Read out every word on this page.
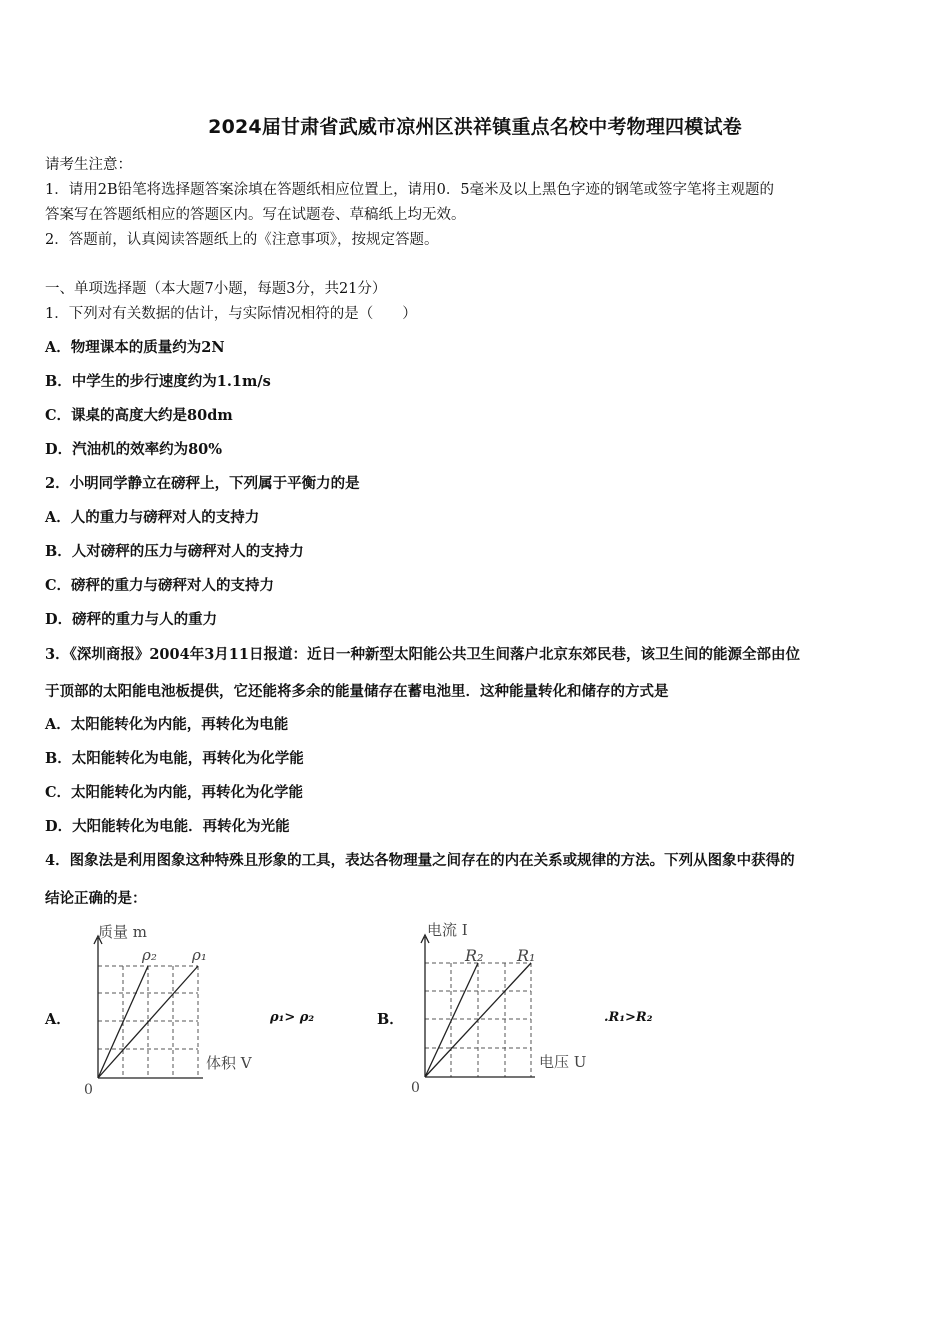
2024届甘肃省武威市凉州区洪祥镇重点名校中考物理四模试卷
请考生注意：
1．请用2B铅笔将选择题答案涂填在答题纸相应位置上，请用0．5毫米及以上黑色字迹的钢笔或签字笔将主观题的
答案写在答题纸相应的答题区内。写在试题卷、草稿纸上均无效。
2．答题前，认真阅读答题纸上的《注意事项》，按规定答题。
一、单项选择题（本大题7小题，每题3分，共21分）
1．下列对有关数据的估计，与实际情况相符的是（　　）
A．物理课本的质量约为2N
B．中学生的步行速度约为1.1m/s
C．课桌的高度大约是80dm
D．汽油机的效率约为80%
2．小明同学静立在磅秤上，下列属于平衡力的是
A．人的重力与磅秤对人的支持力
B．人对磅秤的压力与磅秤对人的支持力
C．磅秤的重力与磅秤对人的支持力
D．磅秤的重力与人的重力
3．《深圳商报》2004年3月11日报道：近日一种新型太阳能公共卫生间落户北京东郊民巷，该卫生间的能源全部由位
于顶部的太阳能电池板提供，它还能将多余的能量储存在蓄电池里．这种能量转化和储存的方式是
A．太阳能转化为内能，再转化为电能
B．太阳能转化为电能，再转化为化学能
C．太阳能转化为内能，再转化为化学能
D．大阳能转化为电能．再转化为光能
4．图象法是利用图象这种特殊且形象的工具，表达各物理量之间存在的内在关系或规律的方法。下列从图象中获得的
结论正确的是：
A．
质量 m
体积 V
0
ρ₂ ρ₁
ρ₁> ρ₂	B．
电流 I
电压 U
0
R₂ R₁
.R₁>R₂
